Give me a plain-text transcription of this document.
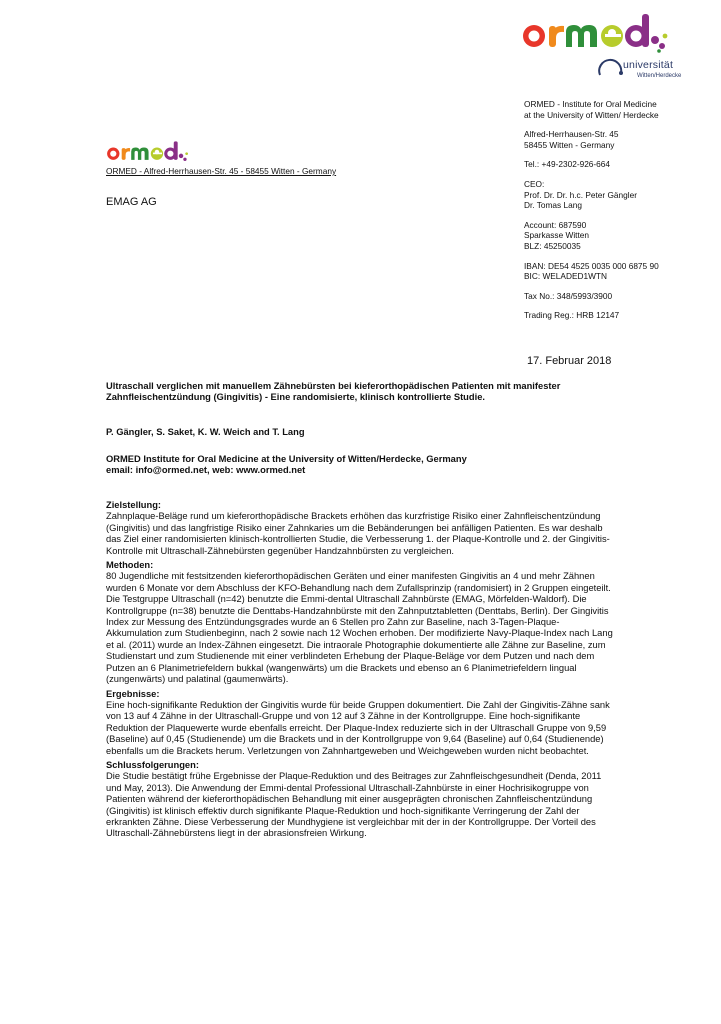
universität
Witten/Herdecke

ORMED - Institute for Oral Medicine
at the University of Witten/ Herdecke

Alfred-Herrhausen-Str. 45
58455 Witten - Germany

Tel.: +49-2302-926-664

CEO:
Prof. Dr. Dr. h.c. Peter Gängler
Dr. Tomas Lang

Account: 687590
Sparkasse Witten
BLZ: 45250035

IBAN: DE54 4525 0035 000 6875 90
BIC: WELADED1WTN

Tax No.: 348/5993/3900

Trading Reg.: HRB 12147

ORMED - Alfred-Herrhausen-Str. 45 - 58455 Witten - Germany
EMAG AG
17. Februar 2018
Ultraschall verglichen mit manuellem Zähnebürsten bei kieferorthopädischen Patienten mit manifester Zahnfleischentzündung (Gingivitis) - Eine randomisierte, klinisch kontrollierte Studie.
P. Gängler, S. Saket, K. W. Weich and T. Lang
ORMED Institute for Oral Medicine at the University of Witten/Herdecke, Germany
email: info@ormed.net, web: www.ormed.net

Zielstellung:

Zahnplaque-Beläge rund um kieferorthopädische Brackets erhöhen das kurzfristige Risiko einer Zahnfleischentzündung (Gingivitis) und das langfristige Risiko einer Zahnkaries um die Bebänderungen bei anfälligen Patienten. Es war deshalb das Ziel einer randomisierten klinisch-kontrollierten Studie, die Verbesserung 1. der Plaque-Kontrolle und 2. der Gingivitis-Kontrolle mit Ultraschall-Zähnebürsten gegenüber Handzahnbürsten zu vergleichen.

Methoden:

80 Jugendliche mit festsitzenden kieferorthopädischen Geräten und einer manifesten Gingivitis an 4 und mehr Zähnen wurden 6 Monate vor dem Abschluss der KFO-Behandlung nach dem Zufallsprinzip (randomisiert) in 2 Gruppen eingeteilt. Die Testgruppe Ultraschall (n=42) benutzte die Emmi-dental Ultraschall Zahnbürste (EMAG, Mörfelden-Waldorf). Die Kontrollgruppe (n=38) benutzte die Denttabs-Handzahnbürste mit den Zahnputztabletten (Denttabs, Berlin). Der Gingivitis Index zur Messung des Entzündungsgrades wurde an 6 Stellen pro Zahn zur Baseline, nach 3-Tagen-Plaque-Akkumulation zum Studienbeginn, nach 2 sowie nach 12 Wochen erhoben. Der modifizierte Navy-Plaque-Index nach Lang et al. (2011) wurde an Index-Zähnen eingesetzt. Die intraorale Photographie dokumentierte alle Zähne zur Baseline, zum Studienstart und zum Studienende mit einer verblindeten Erhebung der Plaque-Beläge vor dem Putzen und nach dem Putzen an 6 Planimetriefeldern bukkal (wangenwärts) um die Brackets und ebenso an 6 Planimetriefeldern lingual (zungenwärts) und palatinal (gaumenwärts).

Ergebnisse:

Eine hoch-signifikante Reduktion der Gingivitis wurde für beide Gruppen dokumentiert. Die Zahl der Gingivitis-Zähne sank von 13 auf 4 Zähne in der Ultraschall-Gruppe und von 12 auf 3 Zähne in der Kontrollgruppe. Eine hoch-signifikante Reduktion der Plaquewerte wurde ebenfalls erreicht. Der Plaque-Index reduzierte sich in der Ultraschall Gruppe von 9,59 (Baseline) auf 0,45 (Studienende) um die Brackets und in der Kontrollgruppe von 9,64 (Baseline) auf 0,64 (Studienende) ebenfalls um die Brackets herum. Verletzungen von Zahnhartgeweben und Weichgeweben wurden nicht beobachtet.

Schlussfolgerungen:

Die Studie bestätigt frühe Ergebnisse der Plaque-Reduktion und des Beitrages zur Zahnfleischgesundheit (Denda, 2011 und May, 2013). Die Anwendung der Emmi-dental Professional Ultraschall-Zahnbürste in einer Hochrisikogruppe von Patienten während der kieferorthopädischen Behandlung mit einer ausgeprägten chronischen Zahnfleischentzündung (Gingivitis) ist klinisch effektiv durch signifikante Plaque-Reduktion und hoch-signifikante Verringerung der Zahl der erkrankten Zähne. Diese Verbesserung der Mundhygiene ist vergleichbar mit der in der Kontrollgruppe. Der Vorteil des Ultraschall-Zähnebürstens liegt in der abrasionsfreien Wirkung.
